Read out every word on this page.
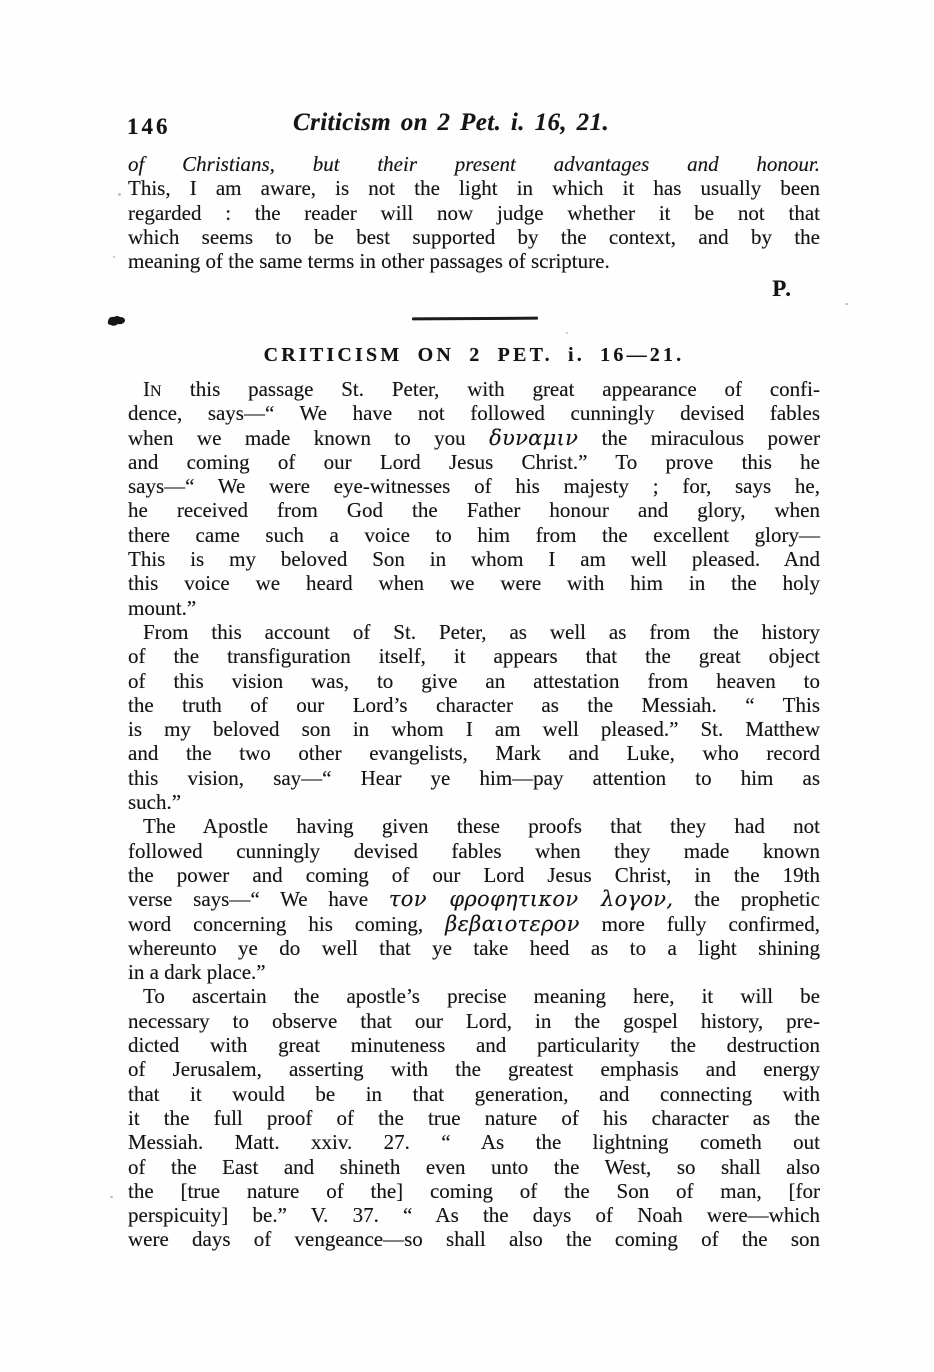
146	Criticism on 2 Pet. i. 16, 21.
of Christians, but their present advantages and honour.
This, I am aware, is not the light in which it has usually been
regarded : the reader will now judge whether it be not that
which seems to be best supported by the context, and by the
meaning of the same terms in other passages of scripture.
P.
CRITICISM ON 2 PET. i. 16—21.
IN this passage St. Peter, with great appearance of confi-
dence, says—“ We have not followed cunningly devised fables
when we made known to you δυναμιν the miraculous power
and coming of our Lord Jesus Christ.” To prove this he
says—“ We were eye-witnesses of his majesty ; for, says he,
he received from God the Father honour and glory, when
there came such a voice to him from the excellent glory—
This is my beloved Son in whom I am well pleased. And
this voice we heard when we were with him in the holy
mount.”
From this account of St. Peter, as well as from the history
of the transfiguration itself, it appears that the great object
of this vision was, to give an attestation from heaven to
the truth of our Lord’s character as the Messiah. “ This
is my beloved son in whom I am well pleased.” St. Matthew
and the two other evangelists, Mark and Luke, who record
this vision, say—“ Hear ye him—pay attention to him as
such.”
The Apostle having given these proofs that they had not
followed cunningly devised fables when they made known
the power and coming of our Lord Jesus Christ, in the 19th
verse says—“ We have τον φροφητικον λογον, the prophetic
word concerning his coming, βεβαιοτερον more fully confirmed,
whereunto ye do well that ye take heed as to a light shining
in a dark place.”
To ascertain the apostle’s precise meaning here, it will be
necessary to observe that our Lord, in the gospel history, pre-
dicted with great minuteness and particularity the destruction
of Jerusalem, asserting with the greatest emphasis and energy
that it would be in that generation, and connecting with
it the full proof of the true nature of his character as the
Messiah. Matt. xxiv. 27. “ As the lightning cometh out
of the East and shineth even unto the West, so shall also
the [true nature of the] coming of the Son of man, [for
perspicuity] be.” V. 37. “ As the days of Noah were—which
were days of vengeance—so shall also the coming of the son
